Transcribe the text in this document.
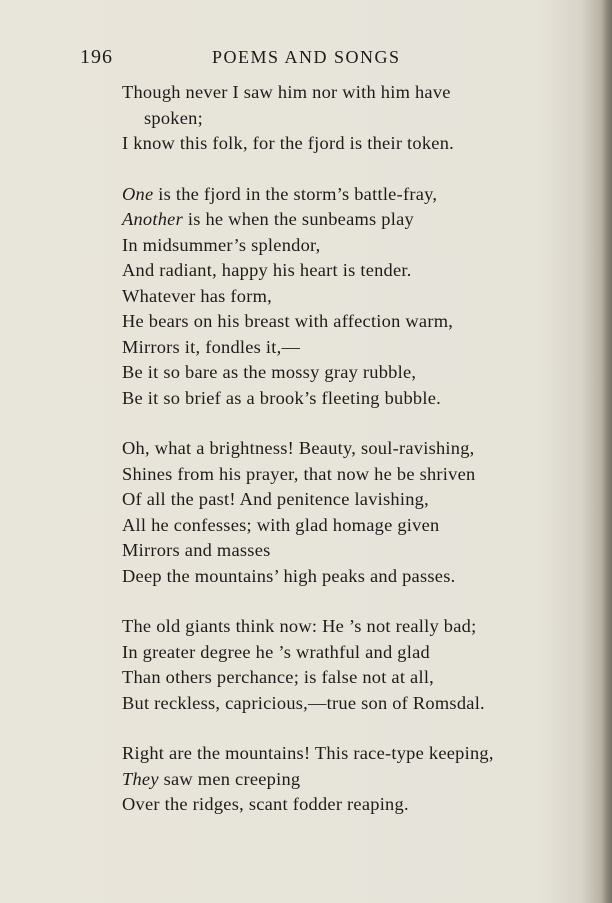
196	POEMS AND SONGS
Though never I saw him nor with him have
spoken;
I know this folk, for the fjord is their token.
One is the fjord in the storm’s battle-fray,
Another is he when the sunbeams play
In midsummer’s splendor,
And radiant, happy his heart is tender.
Whatever has form,
He bears on his breast with affection warm,
Mirrors it, fondles it,—
Be it so bare as the mossy gray rubble,
Be it so brief as a brook’s fleeting bubble.
Oh, what a brightness! Beauty, soul-ravishing,
Shines from his prayer, that now he be shriven
Of all the past! And penitence lavishing,
All he confesses; with glad homage given
Mirrors and masses
Deep the mountains’ high peaks and passes.
The old giants think now: He ’s not really bad;
In greater degree he ’s wrathful and glad
Than others perchance; is false not at all,
But reckless, capricious,—true son of Romsdal.
Right are the mountains! This race-type keeping,
They saw men creeping
Over the ridges, scant fodder reaping.
